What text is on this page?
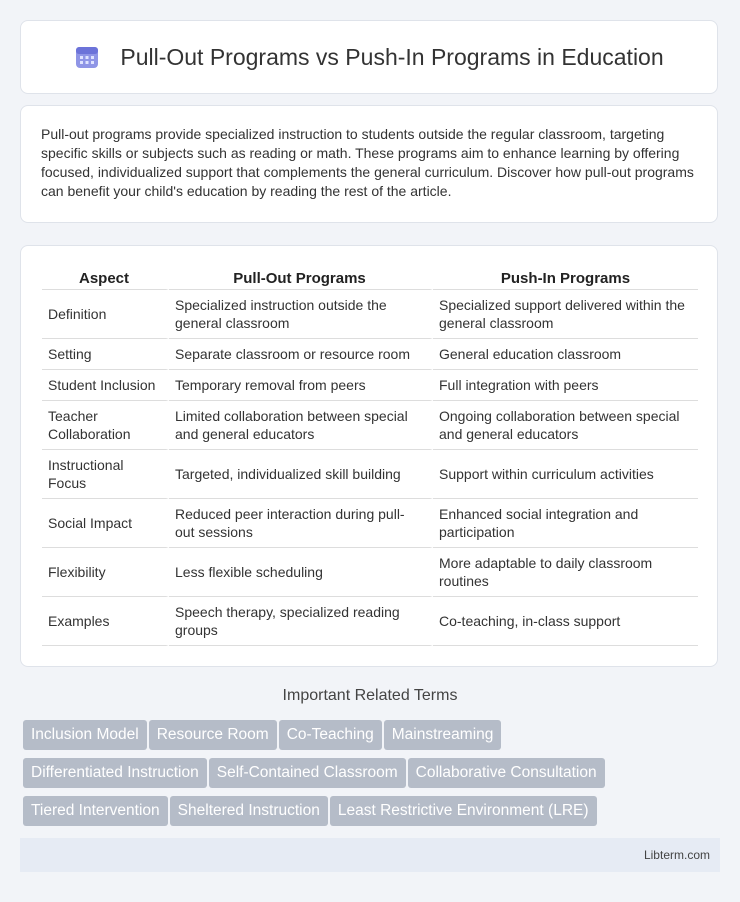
Pull-Out Programs vs Push-In Programs in Education

Pull-out programs provide specialized instruction to students outside the regular classroom, targeting specific skills or subjects such as reading or math. These programs aim to enhance learning by offering focused, individualized support that complements the general curriculum. Discover how pull-out programs can benefit your child's education by reading the rest of the article.

Aspect	Pull-Out Programs	Push-In Programs
Definition	Specialized instruction outside the general classroom	Specialized support delivered within the general classroom
Setting	Separate classroom or resource room	General education classroom
Student Inclusion	Temporary removal from peers	Full integration with peers
Teacher Collaboration	Limited collaboration between special and general educators	Ongoing collaboration between special and general educators
Instructional Focus	Targeted, individualized skill building	Support within curriculum activities
Social Impact	Reduced peer interaction during pull-out sessions	Enhanced social integration and participation
Flexibility	Less flexible scheduling	More adaptable to daily classroom routines
Examples	Speech therapy, specialized reading groups	Co-teaching, in-class support
Important Related Terms
Inclusion Model Resource Room Co-Teaching Mainstreaming
Differentiated Instruction Self-Contained Classroom Collaborative Consultation
Tiered Intervention Sheltered Instruction Least Restrictive Environment (LRE)
Libterm.com
